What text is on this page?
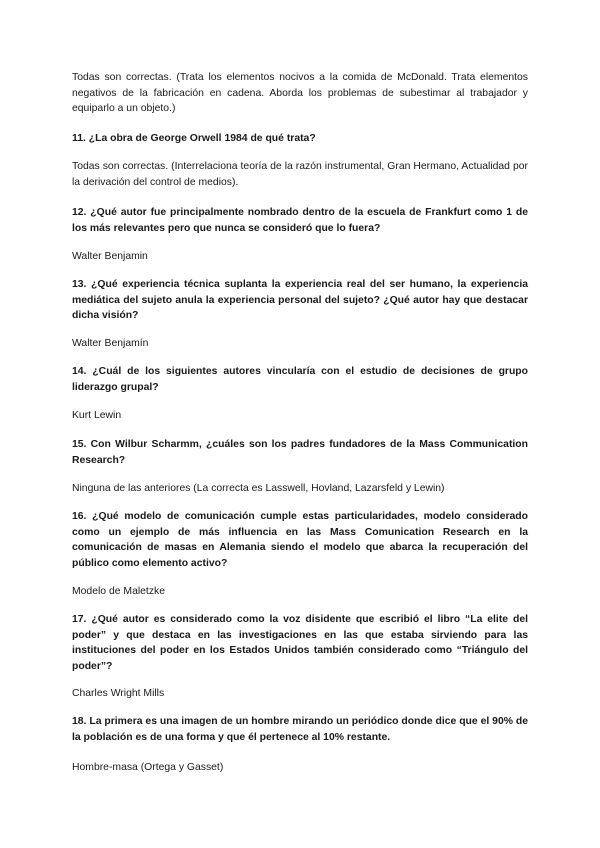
Todas son correctas. (Trata los elementos nocivos a la comida de McDonald. Trata elementos negativos de la fabricación en cadena. Aborda los problemas de subestimar al trabajador y equiparlo a un objeto.)
11. ¿La obra de George Orwell 1984 de qué trata?
Todas son correctas. (Interrelaciona teoría de la razón instrumental, Gran Hermano, Actualidad por la derivación del control de medios).
12. ¿Qué autor fue principalmente nombrado dentro de la escuela de Frankfurt como 1 de los más relevantes pero que nunca se consideró que lo fuera?
Walter Benjamin
13. ¿Qué experiencia técnica suplanta la experiencia real del ser humano, la experiencia mediática del sujeto anula la experiencia personal del sujeto? ¿Qué autor hay que destacar dicha visión?
Walter Benjamín
14. ¿Cuál de los siguientes autores vincularía con el estudio de decisiones de grupo liderazgo grupal?
Kurt Lewin
15. Con Wilbur Scharmm, ¿cuáles son los padres fundadores de la Mass Communication Research?
Ninguna de las anteriores (La correcta es Lasswell, Hovland, Lazarsfeld y Lewin)
16. ¿Qué modelo de comunicación cumple estas particularidades, modelo considerado como un ejemplo de más influencia en las Mass Comunication Research en la comunicación de masas en Alemania siendo el modelo que abarca la recuperación del público como elemento activo?
Modelo de Maletzke
17. ¿Qué autor es considerado como la voz disidente que escribió el libro “La elite del poder” y que destaca en las investigaciones en las que estaba sirviendo para las instituciones del poder en los Estados Unidos también considerado como “Triángulo del poder”?
Charles Wright Mills
18. La primera es una imagen de un hombre mirando un periódico donde dice que el 90% de la población es de una forma y que él pertenece al 10% restante.
Hombre-masa (Ortega y Gasset)
